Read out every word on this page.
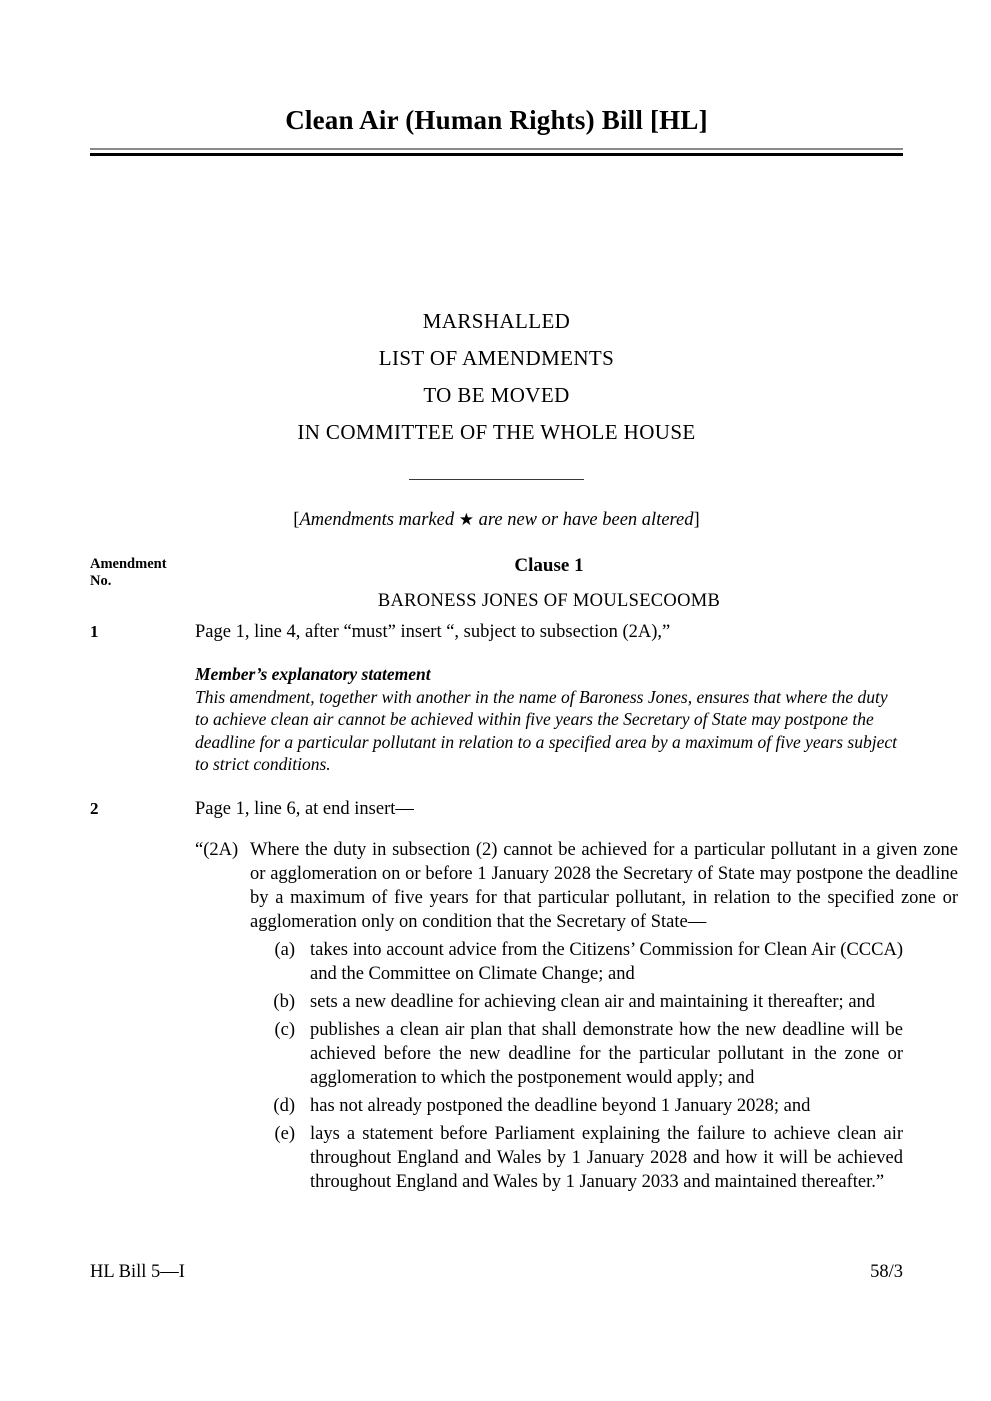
Clean Air (Human Rights) Bill [HL]
MARSHALLED
LIST OF AMENDMENTS
TO BE MOVED
IN COMMITTEE OF THE WHOLE HOUSE
[Amendments marked ★ are new or have been altered]
Amendment
No.
Clause 1
BARONESS JONES OF MOULSECOOMB
1	Page 1, line 4, after “must” insert “, subject to subsection (2A),”
Member’s explanatory statement
This amendment, together with another in the name of Baroness Jones, ensures that where the duty to achieve clean air cannot be achieved within five years the Secretary of State may postpone the deadline for a particular pollutant in relation to a specified area by a maximum of five years subject to strict conditions.
2	Page 1, line 6, at end insert—
“(2A) Where the duty in subsection (2) cannot be achieved for a particular pollutant in a given zone or agglomeration on or before 1 January 2028 the Secretary of State may postpone the deadline by a maximum of five years for that particular pollutant, in relation to the specified zone or agglomeration only on condition that the Secretary of State—
(a) takes into account advice from the Citizens’ Commission for Clean Air (CCCA) and the Committee on Climate Change; and
(b) sets a new deadline for achieving clean air and maintaining it thereafter; and
(c) publishes a clean air plan that shall demonstrate how the new deadline will be achieved before the new deadline for the particular pollutant in the zone or agglomeration to which the postponement would apply; and
(d) has not already postponed the deadline beyond 1 January 2028; and
(e) lays a statement before Parliament explaining the failure to achieve clean air throughout England and Wales by 1 January 2028 and how it will be achieved throughout England and Wales by 1 January 2033 and maintained thereafter.”
HL Bill 5—I	58/3
